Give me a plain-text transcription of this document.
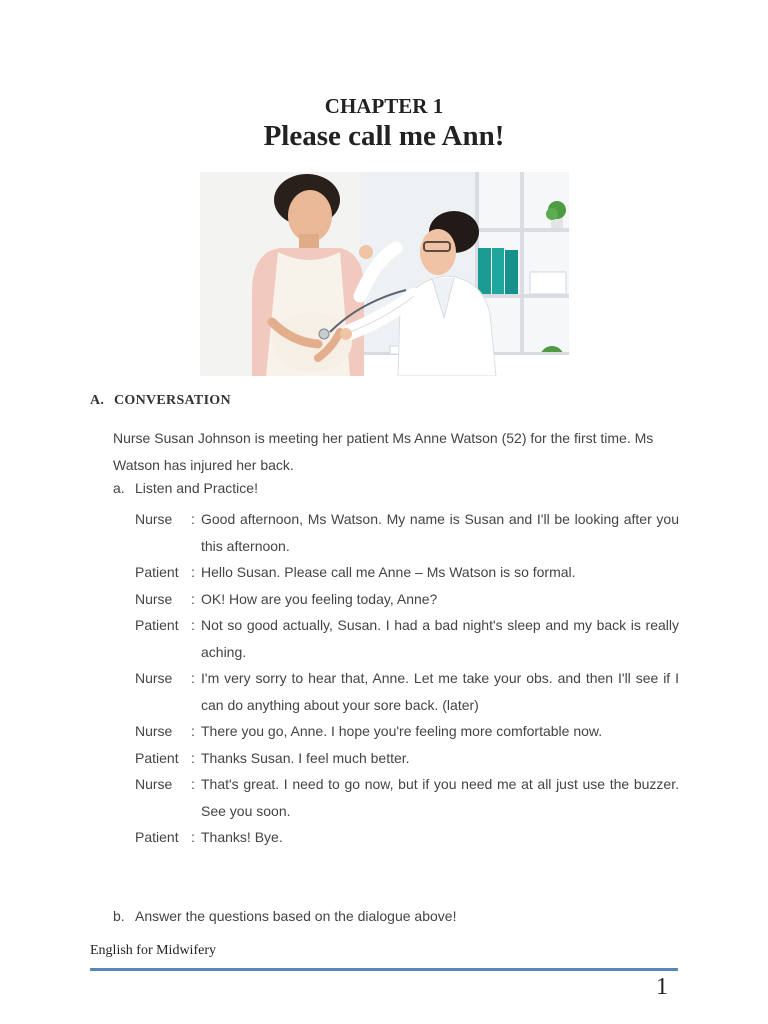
CHAPTER 1
Please call me Ann!
A. CONVERSATION
Nurse Susan Johnson is meeting her patient Ms Anne Watson (52) for the first time. Ms Watson has injured her back.
a. Listen and Practice!
Nurse	: Good afternoon, Ms Watson. My name is Susan and I'll be looking after you this afternoon.
Patient : Hello Susan. Please call me Anne – Ms Watson is so formal.
Nurse	: OK! How are you feeling today, Anne?
Patient : Not so good actually, Susan. I had a bad night's sleep and my back is really aching.
Nurse	: I'm very sorry to hear that, Anne. Let me take your obs. and then I'll see if I can do anything about your sore back. (later)
Nurse	: There you go, Anne. I hope you're feeling more comfortable now.
Patient : Thanks Susan. I feel much better.
Nurse	: That's great. I need to go now, but if you need me at all just use the buzzer. See you soon.
Patient : Thanks! Bye.
b. Answer the questions based on the dialogue above!
English for Midwifery
1
